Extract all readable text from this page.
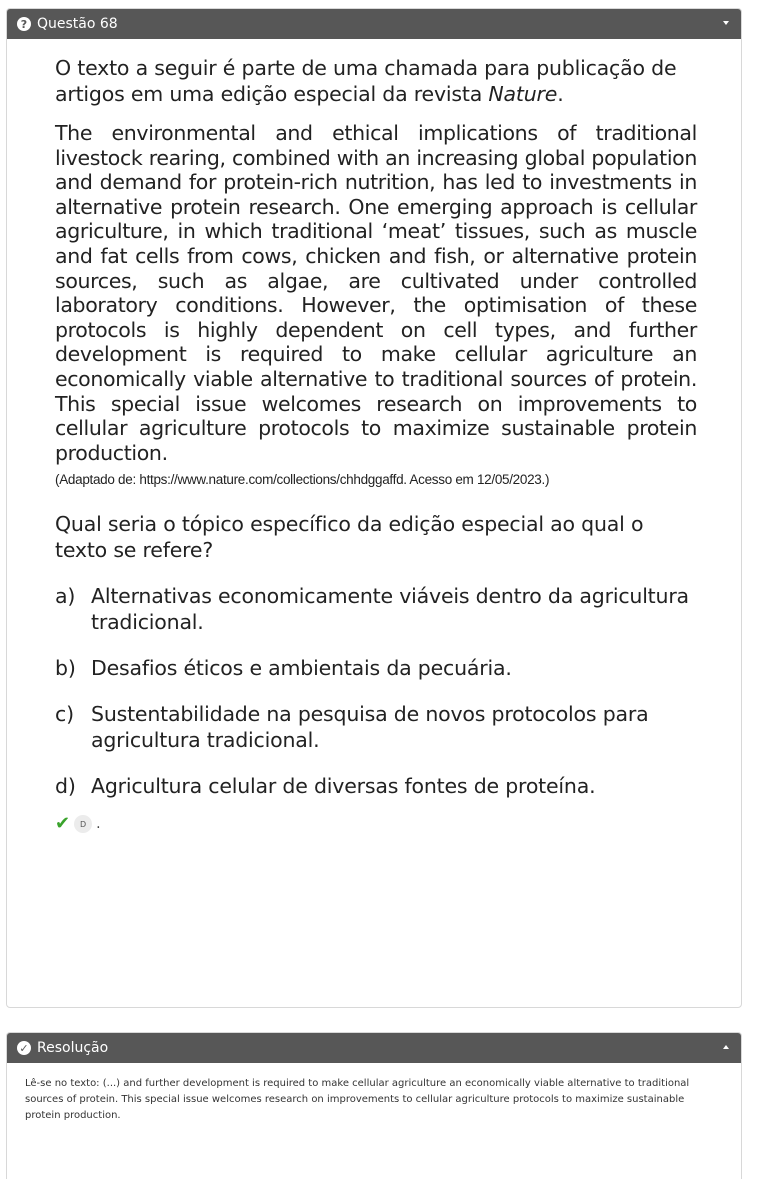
? Questão 68

O texto a seguir é parte de uma chamada para publicação de artigos em uma edição especial da revista Nature.

The environmental and ethical implications of traditional livestock rearing, combined with an increasing global population and demand for protein-rich nutrition, has led to investments in alternative protein research. One emerging approach is cellular agriculture, in which traditional ‘meat’ tissues, such as muscle and fat cells from cows, chicken and fish, or alternative protein sources, such as algae, are cultivated under controlled laboratory conditions. However, the optimisation of these protocols is highly dependent on cell types, and further development is required to make cellular agriculture an economically viable alternative to traditional sources of protein. This special issue welcomes research on improvements to cellular agriculture protocols to maximize sustainable protein production.

(Adaptado de: https://www.nature.com/collections/chhdggaffd. Acesso em 12/05/2023.)

Qual seria o tópico específico da edição especial ao qual o texto se refere?

a) Alternativas economicamente viáveis dentro da agricultura tradicional.
b) Desafios éticos e ambientais da pecuária.
c) Sustentabilidade na pesquisa de novos protocolos para agricultura tradicional.
d) Agricultura celular de diversas fontes de proteína.
✔	D .
✓ Resolução
Lê-se no texto: (...) and further development is required to make cellular agriculture an economically viable alternative to traditional sources of protein. This special issue welcomes research on improvements to cellular agriculture protocols to maximize sustainable protein production.
